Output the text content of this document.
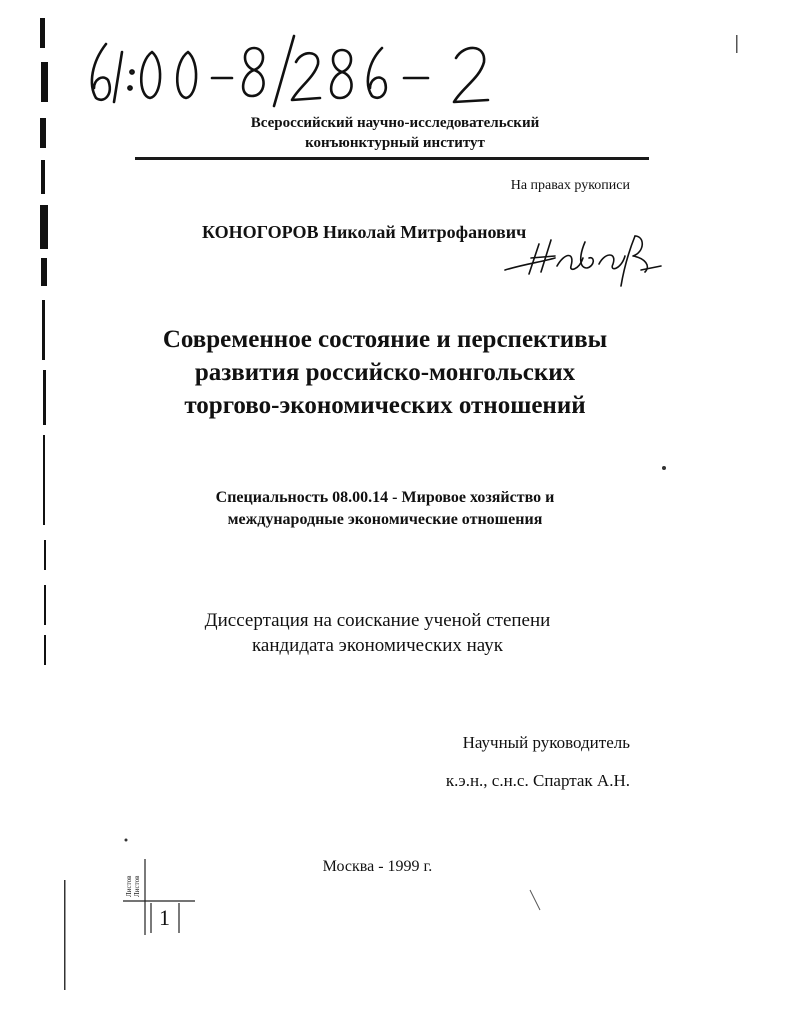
Всероссийский научно-исследовательский
конъюнктурный институт
На правах рукописи
КОНОГОРОВ Николай Митрофанович
Современное состояние и перспективы
развития российско-монгольских
торгово-экономических отношений
Специальность 08.00.14 - Мировое хозяйство и
международные экономические отношения
Диссертация на соискание ученой степени
кандидата экономических наук
Научный руководитель
к.э.н., с.н.с. Спартак А.Н.
Москва - 1999 г.
Листов Листов
1
